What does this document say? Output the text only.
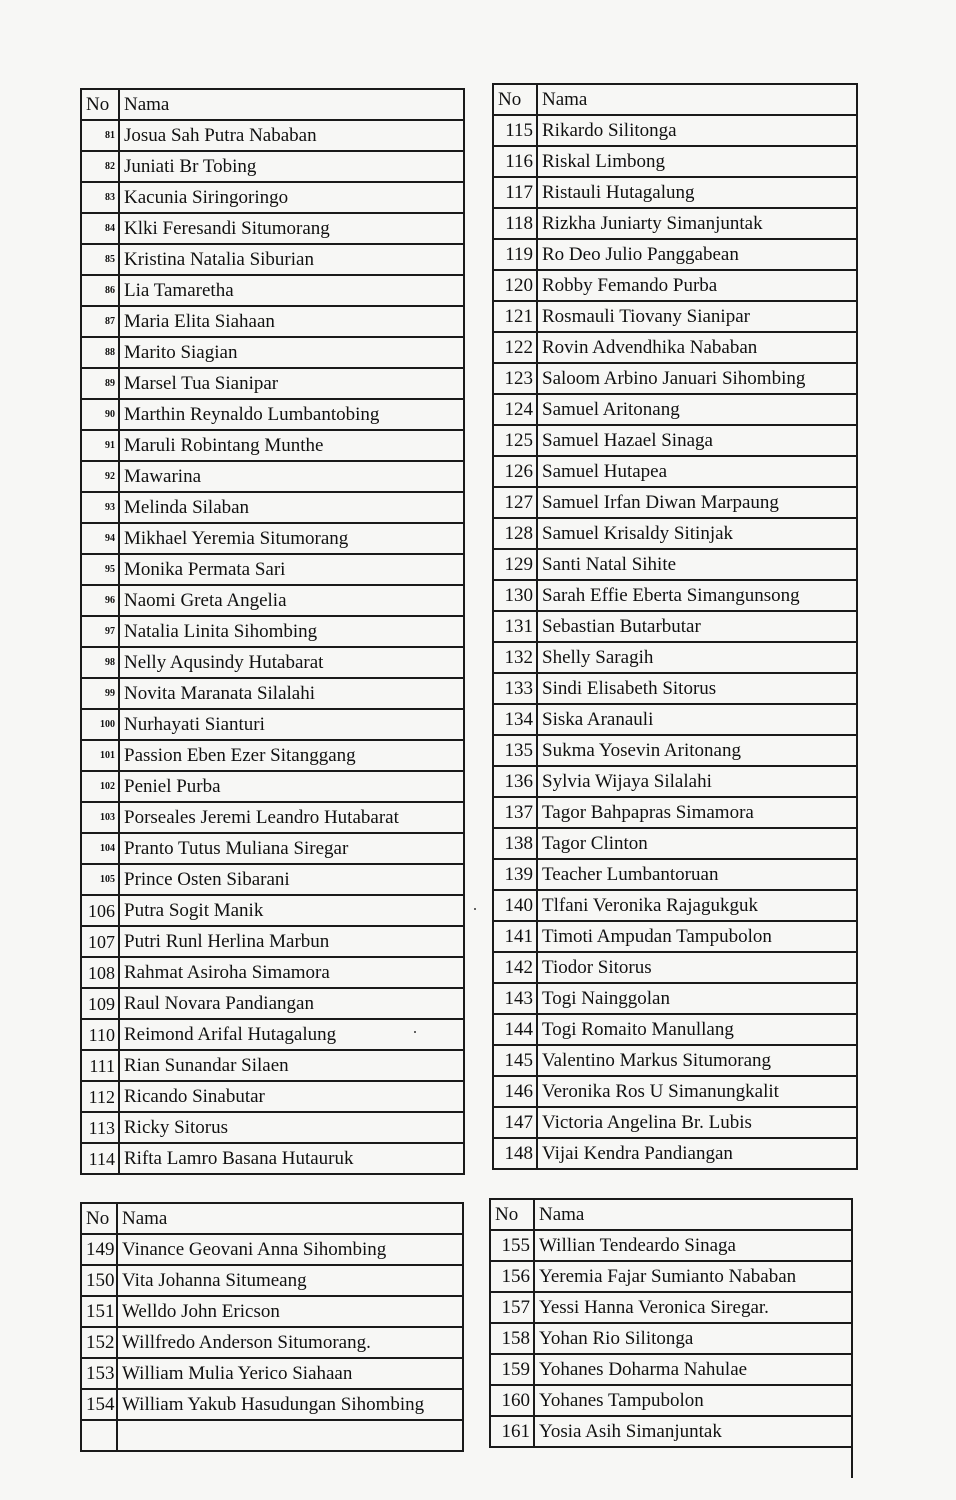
No	Nama
81	Josua Sah Putra Nababan
82	Juniati Br Tobing
83	Kacunia Siringoringo
84	Klki Feresandi Situmorang
85	Kristina Natalia Siburian
86	Lia Tamaretha
87	Maria Elita Siahaan
88	Marito Siagian
89	Marsel Tua Sianipar
90	Marthin Reynaldo Lumbantobing
91	Maruli Robintang Munthe
92	Mawarina
93	Melinda Silaban
94	Mikhael Yeremia Situmorang
95	Monika Permata Sari
96	Naomi Greta Angelia
97	Natalia Linita Sihombing
98	Nelly Aqusindy Hutabarat
99	Novita Maranata Silalahi
100	Nurhayati Sianturi
101	Passion Eben Ezer Sitanggang
102	Peniel Purba
103	Porseales Jeremi Leandro Hutabarat
104	Pranto Tutus Muliana Siregar
105	Prince Osten Sibarani
106	Putra Sogit Manik
107	Putri Runl Herlina Marbun
108	Rahmat Asiroha Simamora
109	Raul Novara Pandiangan
110	Reimond Arifal Hutagalung
111	Rian Sunandar Silaen
112	Ricando Sinabutar
113	Ricky Sitorus
114	Rifta Lamro Basana Hutauruk
No	Nama
115	Rikardo Silitonga
116	Riskal Limbong
117	Ristauli Hutagalung
118	Rizkha Juniarty Simanjuntak
119	Ro Deo Julio Panggabean
120	Robby Femando Purba
121	Rosmauli Tiovany Sianipar
122	Rovin Advendhika Nababan
123	Saloom Arbino Januari Sihombing
124	Samuel Aritonang
125	Samuel Hazael Sinaga
126	Samuel Hutapea
127	Samuel Irfan Diwan Marpaung
128	Samuel Krisaldy Sitinjak
129	Santi Natal Sihite
130	Sarah Effie Eberta Simangunsong
131	Sebastian Butarbutar
132	Shelly Saragih
133	Sindi Elisabeth Sitorus
134	Siska Aranauli
135	Sukma Yosevin Aritonang
136	Sylvia Wijaya Silalahi
137	Tagor Bahpapras Simamora
138	Tagor Clinton
139	Teacher Lumbantoruan
140	Tlfani Veronika Rajagukguk
141	Timoti Ampudan Tampubolon
142	Tiodor Sitorus
143	Togi Nainggolan
144	Togi Romaito Manullang
145	Valentino Markus Situmorang
146	Veronika Ros U Simanungkalit
147	Victoria Angelina Br. Lubis
148	Vijai Kendra Pandiangan
No	Nama
149	Vinance Geovani Anna Sihombing
150	Vita Johanna Situmeang
151	Welldo John Ericson
152	Willfredo Anderson Situmorang.
153	William Mulia Yerico Siahaan
154	William Yakub Hasudungan Sihombing

No	Nama
155	Willian Tendeardo Sinaga
156	Yeremia Fajar Sumianto Nababan
157	Yessi Hanna Veronica Siregar.
158	Yohan Rio Silitonga
159	Yohanes Doharma Nahulae
160	Yohanes Tampubolon
161	Yosia Asih Simanjuntak
